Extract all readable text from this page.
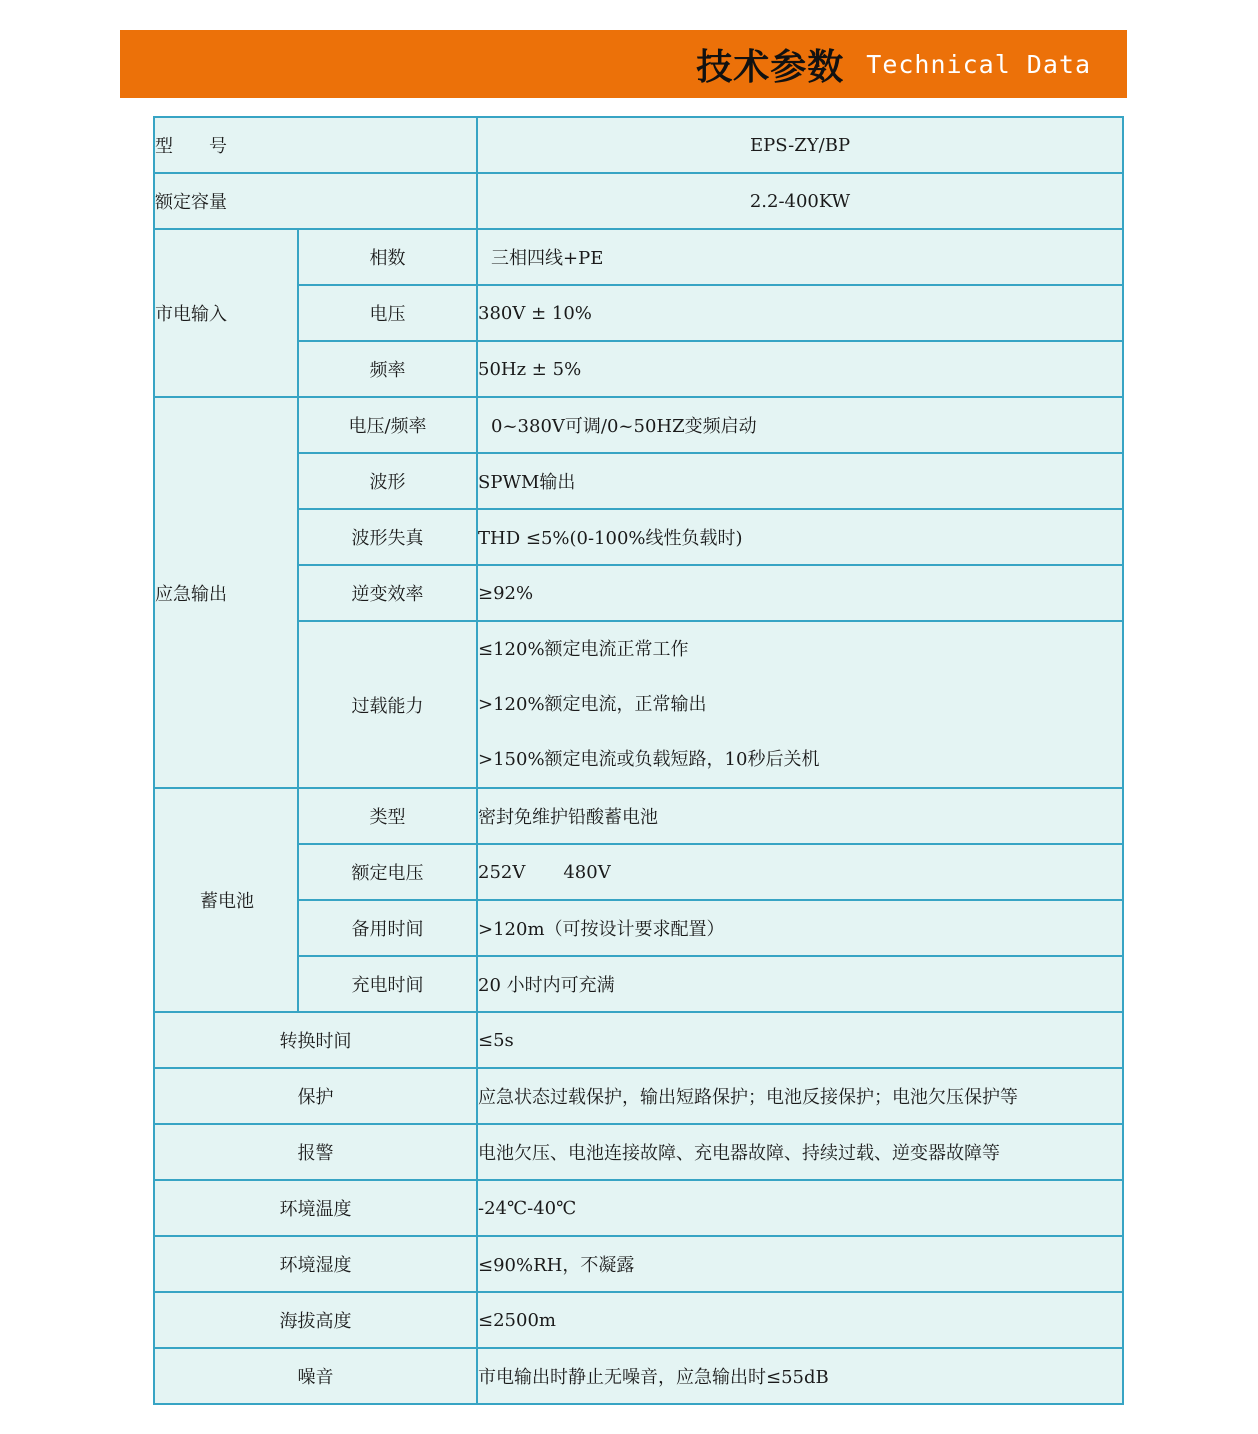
技术参数 Technical Data
型　　号		EPS-ZY/BP
额定容量		2.2-400KW
市电输入	相数	三相四线+PE
	电压	380V ± 10%
	频率	50Hz ± 5%
应急输出	电压/频率	0~380V可调/0~50HZ变频启动
	波形	SPWM输出
	波形失真	THD ≤5%(0-100%线性负载时)
	逆变效率	≥92%
	过载能力	≤120%额定电流正常工作
>120%额定电流，正常输出
>150%额定电流或负载短路，10秒后关机

蓄电池	类型	密封免维护铅酸蓄电池
	额定电压	252V 480V
	备用时间	>120m（可按设计要求配置）
	充电时间	20 小时内可充满
转换时间		≤5s
保护		应急状态过载保护，输出短路保护；电池反接保护；电池欠压保护等
报警		电池欠压、电池连接故障、充电器故障、持续过载、逆变器故障等
环境温度		-24℃-40℃
环境湿度		≤90%RH，不凝露
海拔高度		≤2500m
噪音		市电输出时静止无噪音，应急输出时≤55dB
